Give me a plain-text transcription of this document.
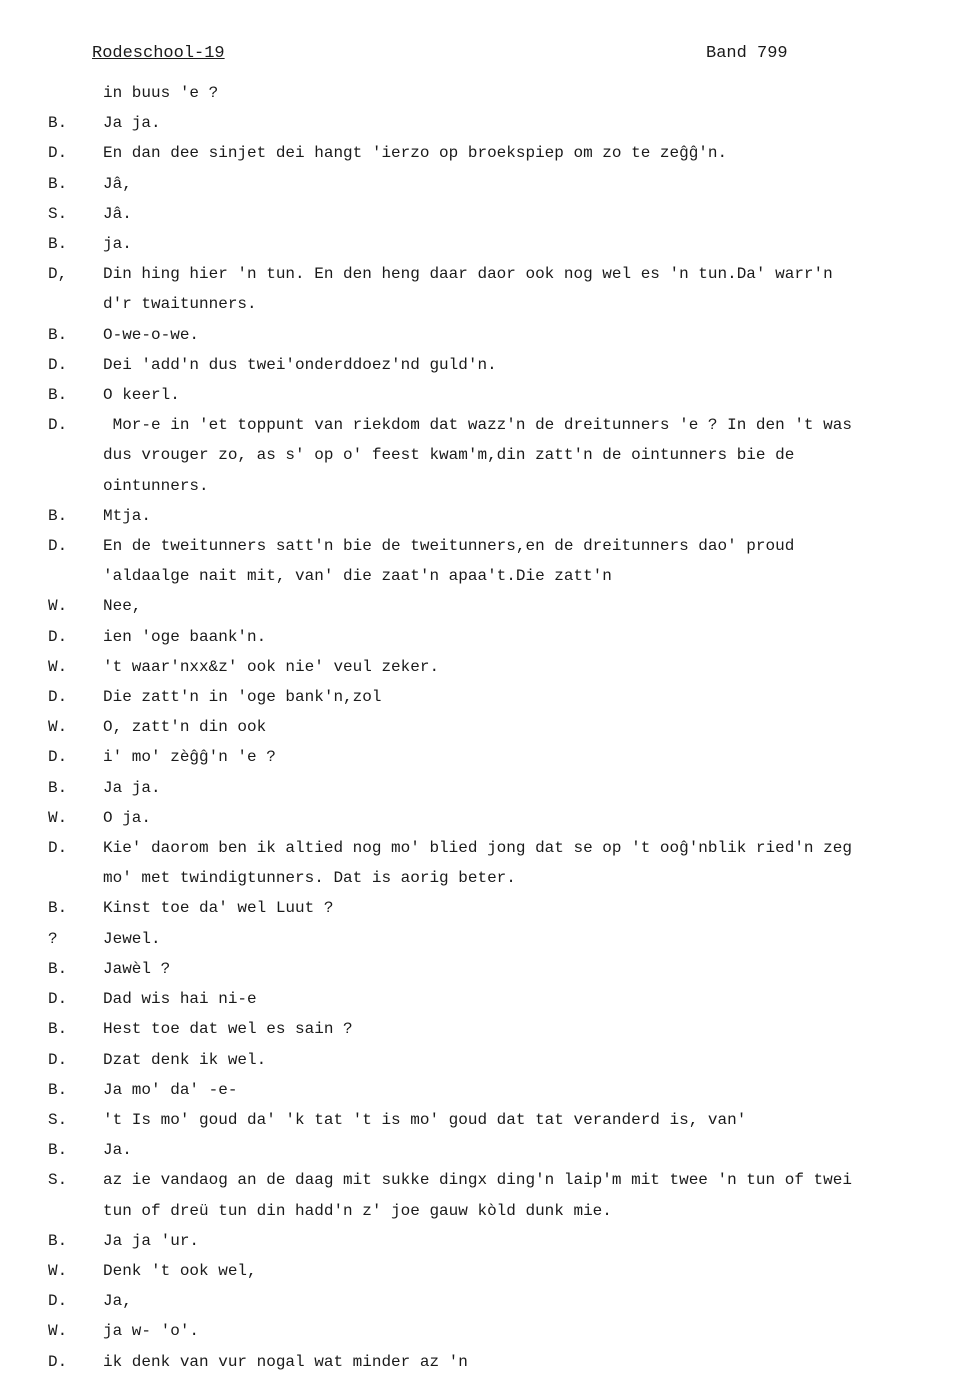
Rodeschool-19	Band 799
in buus 'e ?
B. Ja ja.
D. En dan dee sinjet dei hangt 'ierzo op broekspiep om zo te zeĝĝ'n.
B. Jâ,
S. Jâ.
B. ja.
D, Din hing hier 'n tun. En den heng daar daor ook nog wel es 'n tun.Da' warr'n
d'r twaitunners.
B. O-we-o-we.
D. Dei 'add'n dus twei'onderddoez'nd guld'n.
B. O keerl.
D. Mor-e in 'et toppunt van riekdom dat wazz'n de dreitunners 'e ? In den 't was
dus vrouger zo, as s' op o' feest kwam'm,din zatt'n de ointunners bie de
ointunners.
B. Mtja.
D. En de tweitunners satt'n bie de tweitunners,en de dreitunners dao' proud
'aldaalge nait mit, van' die zaat'n apaa't.Die zatt'n
W. Nee,
D. ien 'oge baank'n.
W. 't waar'nxx&z' ook nie' veul zeker.
D. Die zatt'n in 'oge bank'n,zol
W. O, zatt'n din ook
D. i' mo' zèĝĝ'n 'e ?
B. Ja ja.
W. O ja.
D. Kie' daorom ben ik altied nog mo' blied jong dat se op 't ooĝ'nblik ried'n zeg
mo' met twindigtunners. Dat is aorig beter.
B. Kinst toe da' wel Luut ?
?	Jewel.
B. Jawèl ?
D. Dad wis hai ni-e
B. Hest toe dat wel es sain ?
D. Dzat denk ik wel.
B. Ja mo' da' -e-
S. 't Is mo' goud da' 'k tat 't is mo' goud dat tat veranderd is, van'
B. Ja.
S. az ie vandaog an de daag mit sukke dingx ding'n laip'm mit twee 'n tun of twei
tun of dreü tun din hadd'n z' joe gauw kòld dunk mie.
B. Ja ja 'ur.
W. Denk 't ook wel,
D. Ja,
W. ja w- 'o'.
D. ik denk van vur nogal wat minder az 'n
